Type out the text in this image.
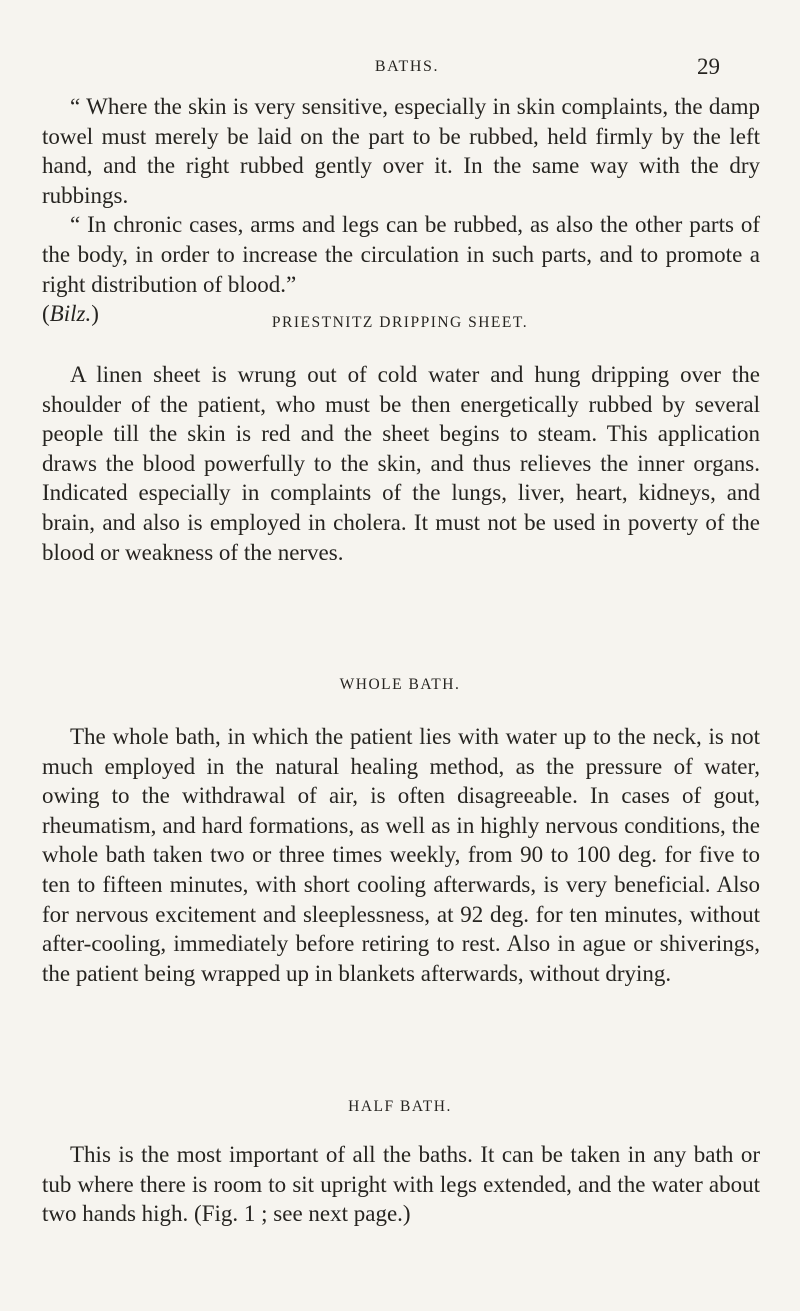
BATHS.	29

“ Where the skin is very sensitive, especially in skin complaints, the damp towel must merely be laid on the part to be rubbed, held firmly by the left hand, and the right rubbed gently over it. In the same way with the dry rubbings.

“ In chronic cases, arms and legs can be rubbed, as also the other parts of the body, in order to increase the circulation in such parts, and to promote a right distribution of blood.”

(Bilz.)	PRIESTNITZ DRIPPING SHEET.

A linen sheet is wrung out of cold water and hung dripping over the shoulder of the patient, who must be then energetically rubbed by several people till the skin is red and the sheet begins to steam. This application draws the blood powerfully to the skin, and thus relieves the inner organs. Indicated especially in complaints of the lungs, liver, heart, kidneys, and brain, and also is employed in cholera. It must not be used in poverty of the blood or weakness of the nerves.

WHOLE BATH.

The whole bath, in which the patient lies with water up to the neck, is not much employed in the natural healing method, as the pressure of water, owing to the withdrawal of air, is often disagreeable. In cases of gout, rheumatism, and hard formations, as well as in highly nervous conditions, the whole bath taken two or three times weekly, from 90 to 100 deg. for five to ten to fifteen minutes, with short cooling afterwards, is very beneficial. Also for nervous excitement and sleeplessness, at 92 deg. for ten minutes, without after-cooling, immediately before retiring to rest. Also in ague or shiverings, the patient being wrapped up in blankets afterwards, without drying.

HALF BATH.

This is the most important of all the baths. It can be taken in any bath or tub where there is room to sit upright with legs extended, and the water about two hands high. (Fig. 1 ; see next page.)
